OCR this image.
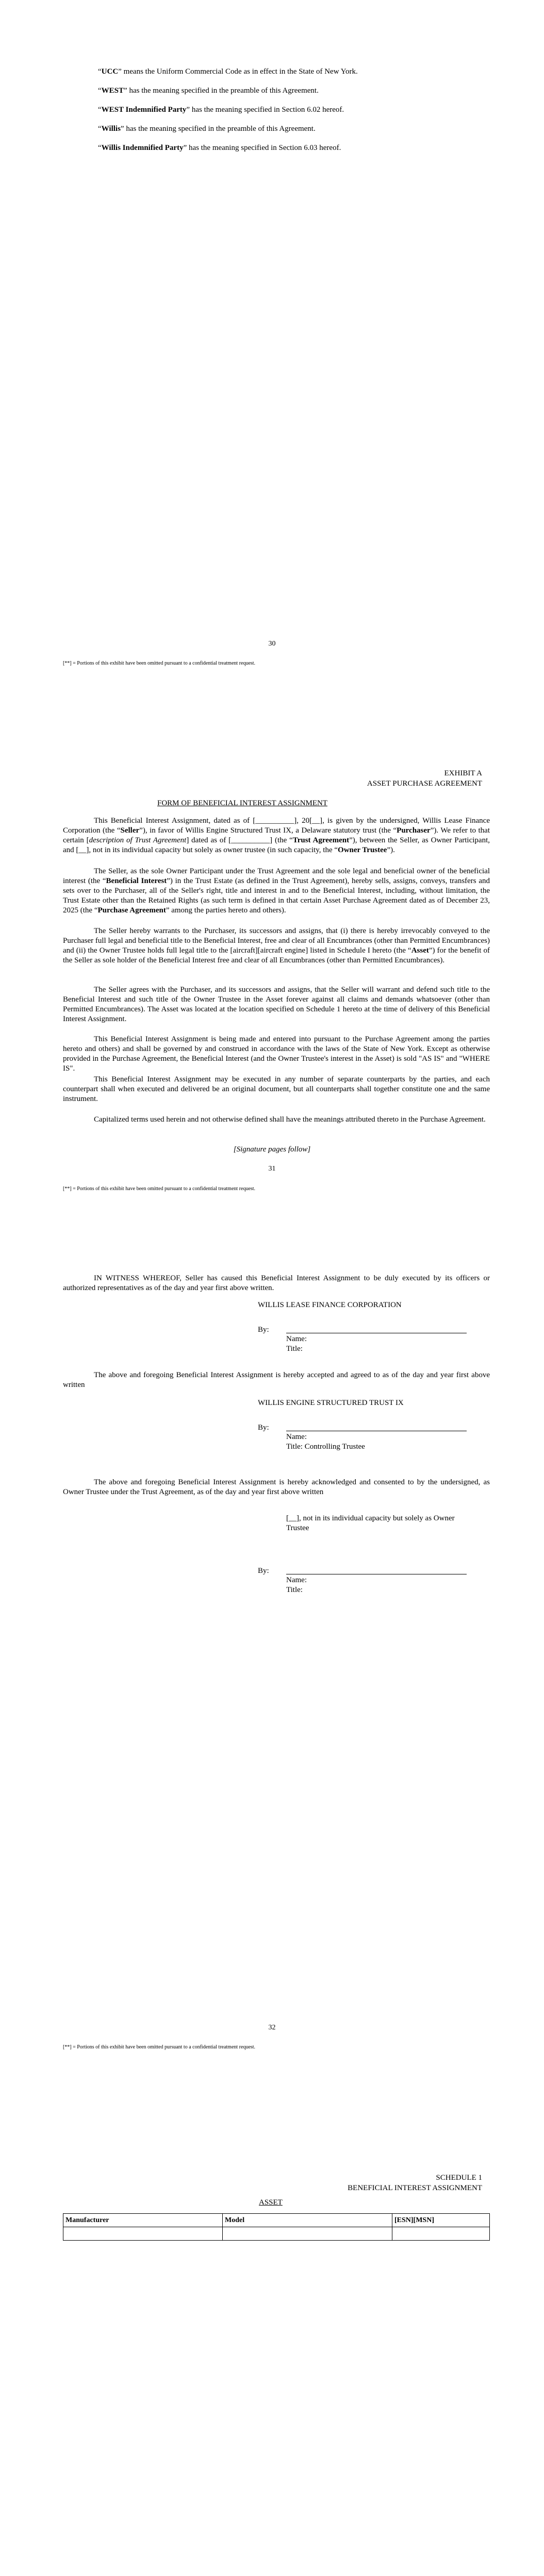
“UCC” means the Uniform Commercial Code as in effect in the State of New York.
“WEST” has the meaning specified in the preamble of this Agreement.
“WEST Indemnified Party” has the meaning specified in Section 6.02 hereof.
“Willis” has the meaning specified in the preamble of this Agreement.
“Willis Indemnified Party” has the meaning specified in Section 6.03 hereof.
30
[**] = Portions of this exhibit have been omitted pursuant to a confidential treatment request.
EXHIBIT A
ASSET PURCHASE AGREEMENT
FORM OF BENEFICIAL INTEREST ASSIGNMENT
This Beneficial Interest Assignment, dated as of [__________], 20[__], is given by the undersigned, Willis Lease Finance Corporation (the “Seller”), in favor of Willis Engine Structured Trust IX, a Delaware statutory trust (the “Purchaser”). We refer to that certain [description of Trust Agreement] dated as of [__________] (the “Trust Agreement”), between the Seller, as Owner Participant, and [__], not in its individual capacity but solely as owner trustee (in such capacity, the “Owner Trustee”).
The Seller, as the sole Owner Participant under the Trust Agreement and the sole legal and beneficial owner of the beneficial interest (the “Beneficial Interest”) in the Trust Estate (as defined in the Trust Agreement), hereby sells, assigns, conveys, transfers and sets over to the Purchaser, all of the Seller's right, title and interest in and to the Beneficial Interest, including, without limitation, the Trust Estate other than the Retained Rights (as such term is defined in that certain Asset Purchase Agreement dated as of December 23, 2025 (the “Purchase Agreement” among the parties hereto and others).
The Seller hereby warrants to the Purchaser, its successors and assigns, that (i) there is hereby irrevocably conveyed to the Purchaser full legal and beneficial title to the Beneficial Interest, free and clear of all Encumbrances (other than Permitted Encumbrances) and (ii) the Owner Trustee holds full legal title to the [aircraft][aircraft engine] listed in Schedule I hereto (the “Asset”) for the benefit of the Seller as sole holder of the Beneficial Interest free and clear of all Encumbrances (other than Permitted Encumbrances).
The Seller agrees with the Purchaser, and its successors and assigns, that the Seller will warrant and defend such title to the Beneficial Interest and such title of the Owner Trustee in the Asset forever against all claims and demands whatsoever (other than Permitted Encumbrances). The Asset was located at the location specified on Schedule 1 hereto at the time of delivery of this Beneficial Interest Assignment.
This Beneficial Interest Assignment is being made and entered into pursuant to the Purchase Agreement among the parties hereto and others) and shall be governed by and construed in accordance with the laws of the State of New York. Except as otherwise provided in the Purchase Agreement, the Beneficial Interest (and the Owner Trustee's interest in the Asset) is sold "AS IS" and "WHERE IS".
This Beneficial Interest Assignment may be executed in any number of separate counterparts by the parties, and each counterpart shall when executed and delivered be an original document, but all counterparts shall together constitute one and the same instrument.
Capitalized terms used herein and not otherwise defined shall have the meanings attributed thereto in the Purchase Agreement.
[Signature pages follow]
31
[**] = Portions of this exhibit have been omitted pursuant to a confidential treatment request.
IN WITNESS WHEREOF, Seller has caused this Beneficial Interest Assignment to be duly executed by its officers or authorized representatives as of the day and year first above written.
WILLIS LEASE FINANCE CORPORATION
By:
Name:
Title:
The above and foregoing Beneficial Interest Assignment is hereby accepted and agreed to as of the day and year first above written
WILLIS ENGINE STRUCTURED TRUST IX
By:
Name:
Title: Controlling Trustee
The above and foregoing Beneficial Interest Assignment is hereby acknowledged and consented to by the undersigned, as Owner Trustee under the Trust Agreement, as of the day and year first above written
[__], not in its individual capacity but solely as Owner Trustee
By:
Name:
Title:
32
[**] = Portions of this exhibit have been omitted pursuant to a confidential treatment request.
SCHEDULE 1
BENEFICIAL INTEREST ASSIGNMENT
ASSET
Manufacturer	Model	[ESN][MSN]
